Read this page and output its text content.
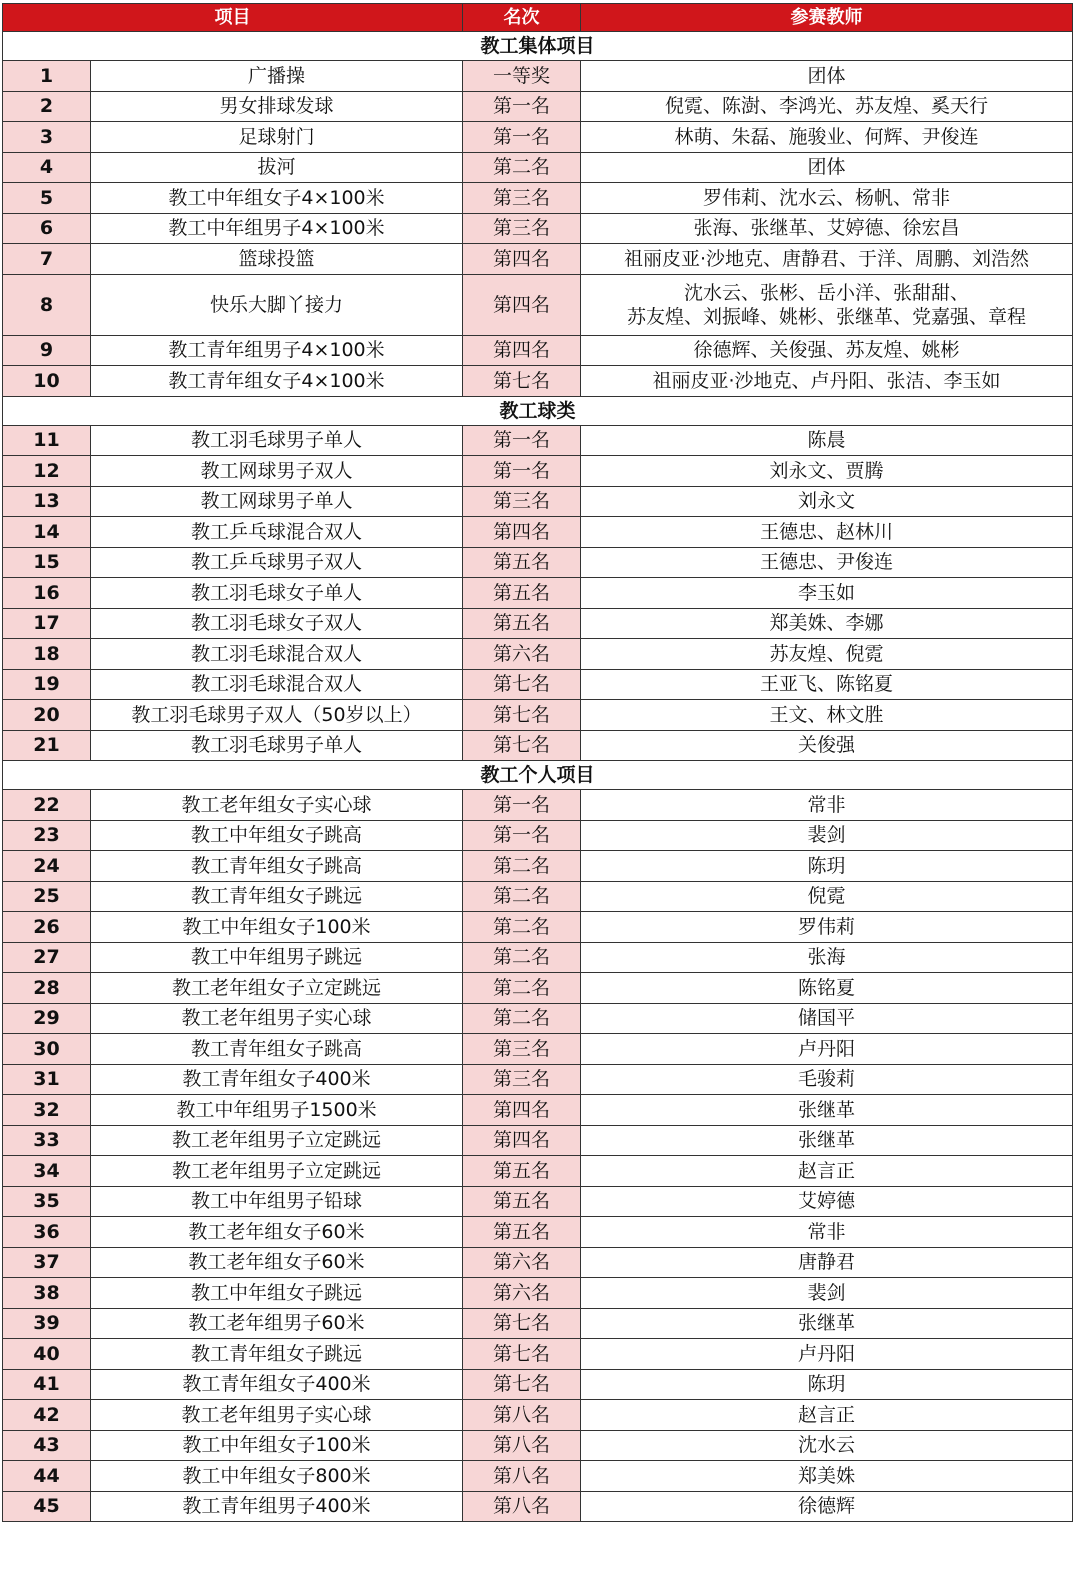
项目		名次	参赛教师
教工集体项目			
1	广播操	一等奖	团体

2	男女排球发球	第一名	倪霓、陈澍、李鸿光、苏友煌、奚天行

3	足球射门	第一名	林萌、朱磊、施骏业、何辉、尹俊连

4	拔河	第二名	团体

5	教工中年组女子4×100米	第三名	罗伟莉、沈水云、杨帆、常非

6	教工中年组男子4×100米	第三名	张海、张继革、艾婷德、徐宏昌

7	篮球投篮	第四名	祖丽皮亚·沙地克、唐静君、于洋、周鹏、刘浩然

8	快乐大脚丫接力	第四名	沈水云、张彬、岳小洋、张甜甜、
苏友煌、刘振峰、姚彬、张继革、党嘉强、章程

9	教工青年组男子4×100米	第四名	徐德辉、关俊强、苏友煌、姚彬

10	教工青年组女子4×100米	第七名	祖丽皮亚·沙地克、卢丹阳、张洁、李玉如

教工球类			
11	教工羽毛球男子单人	第一名	陈晨

12	教工网球男子双人	第一名	刘永文、贾腾

13	教工网球男子单人	第三名	刘永文

14	教工乒乓球混合双人	第四名	王德忠、赵林川

15	教工乒乓球男子双人	第五名	王德忠、尹俊连

16	教工羽毛球女子单人	第五名	李玉如

17	教工羽毛球女子双人	第五名	郑美姝、李娜

18	教工羽毛球混合双人	第六名	苏友煌、倪霓

19	教工羽毛球混合双人	第七名	王亚飞、陈铭夏

20	教工羽毛球男子双人（50岁以上）	第七名	王文、林文胜

21	教工羽毛球男子单人	第七名	关俊强

教工个人项目			
22	教工老年组女子实心球	第一名	常非

23	教工中年组女子跳高	第一名	裴剑

24	教工青年组女子跳高	第二名	陈玥

25	教工青年组女子跳远	第二名	倪霓

26	教工中年组女子100米	第二名	罗伟莉

27	教工中年组男子跳远	第二名	张海

28	教工老年组女子立定跳远	第二名	陈铭夏

29	教工老年组男子实心球	第二名	储国平

30	教工青年组女子跳高	第三名	卢丹阳

31	教工青年组女子400米	第三名	毛骏莉

32	教工中年组男子1500米	第四名	张继革

33	教工老年组男子立定跳远	第四名	张继革

34	教工老年组男子立定跳远	第五名	赵言正

35	教工中年组男子铅球	第五名	艾婷德

36	教工老年组女子60米	第五名	常非

37	教工老年组女子60米	第六名	唐静君

38	教工中年组女子跳远	第六名	裴剑

39	教工老年组男子60米	第七名	张继革

40	教工青年组女子跳远	第七名	卢丹阳

41	教工青年组女子400米	第七名	陈玥

42	教工老年组男子实心球	第八名	赵言正

43	教工中年组女子100米	第八名	沈水云

44	教工中年组女子800米	第八名	郑美姝

45	教工青年组男子400米	第八名	徐德辉
